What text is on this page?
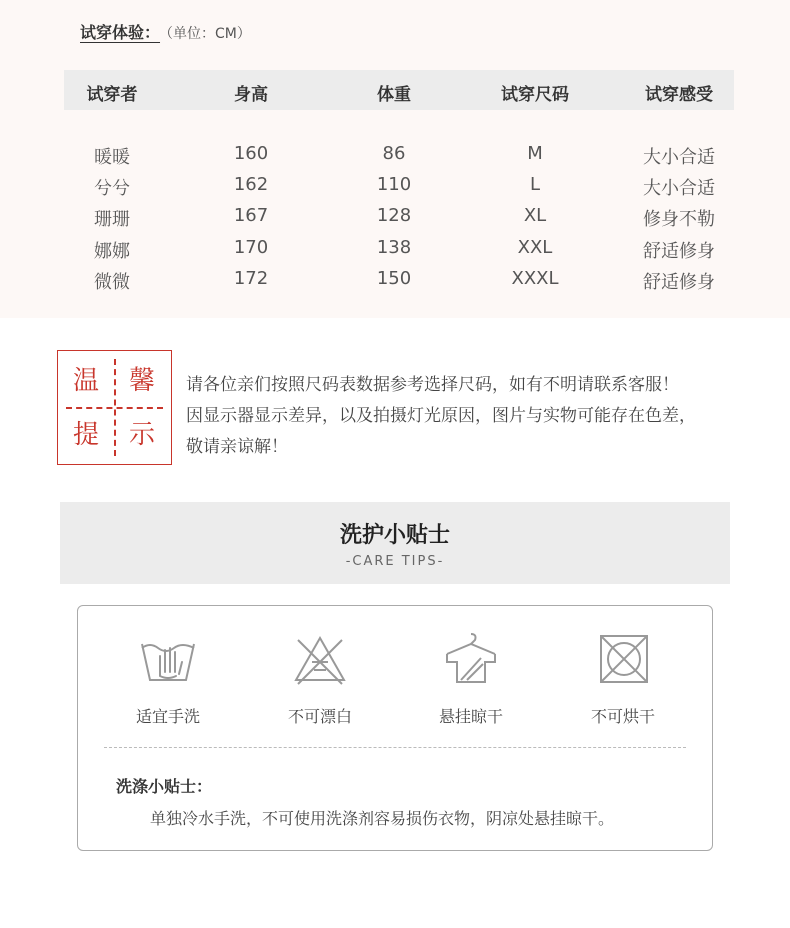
试穿体验： （单位：CM）
试穿者	身高	体重	试穿尺码	试穿感受
暖暖	160	86	M	大小合适
兮兮	162	110	L	大小合适
珊珊	167	128	XL	修身不勒
娜娜	170	138	XXL	舒适修身
微微	172	150	XXXL	舒适修身
温	馨
提	示
请各位亲们按照尺码表数据参考选择尺码，如有不明请联系客服！
因显示器显示差异，以及拍摄灯光原因，图片与实物可能存在色差，
敬请亲谅解！
洗护小贴士
-CARE TIPS-
适宜手洗	不可漂白	悬挂晾干	不可烘干
洗涤小贴士：
单独冷水手洗，不可使用洗涤剂容易损伤衣物，阴凉处悬挂晾干。
